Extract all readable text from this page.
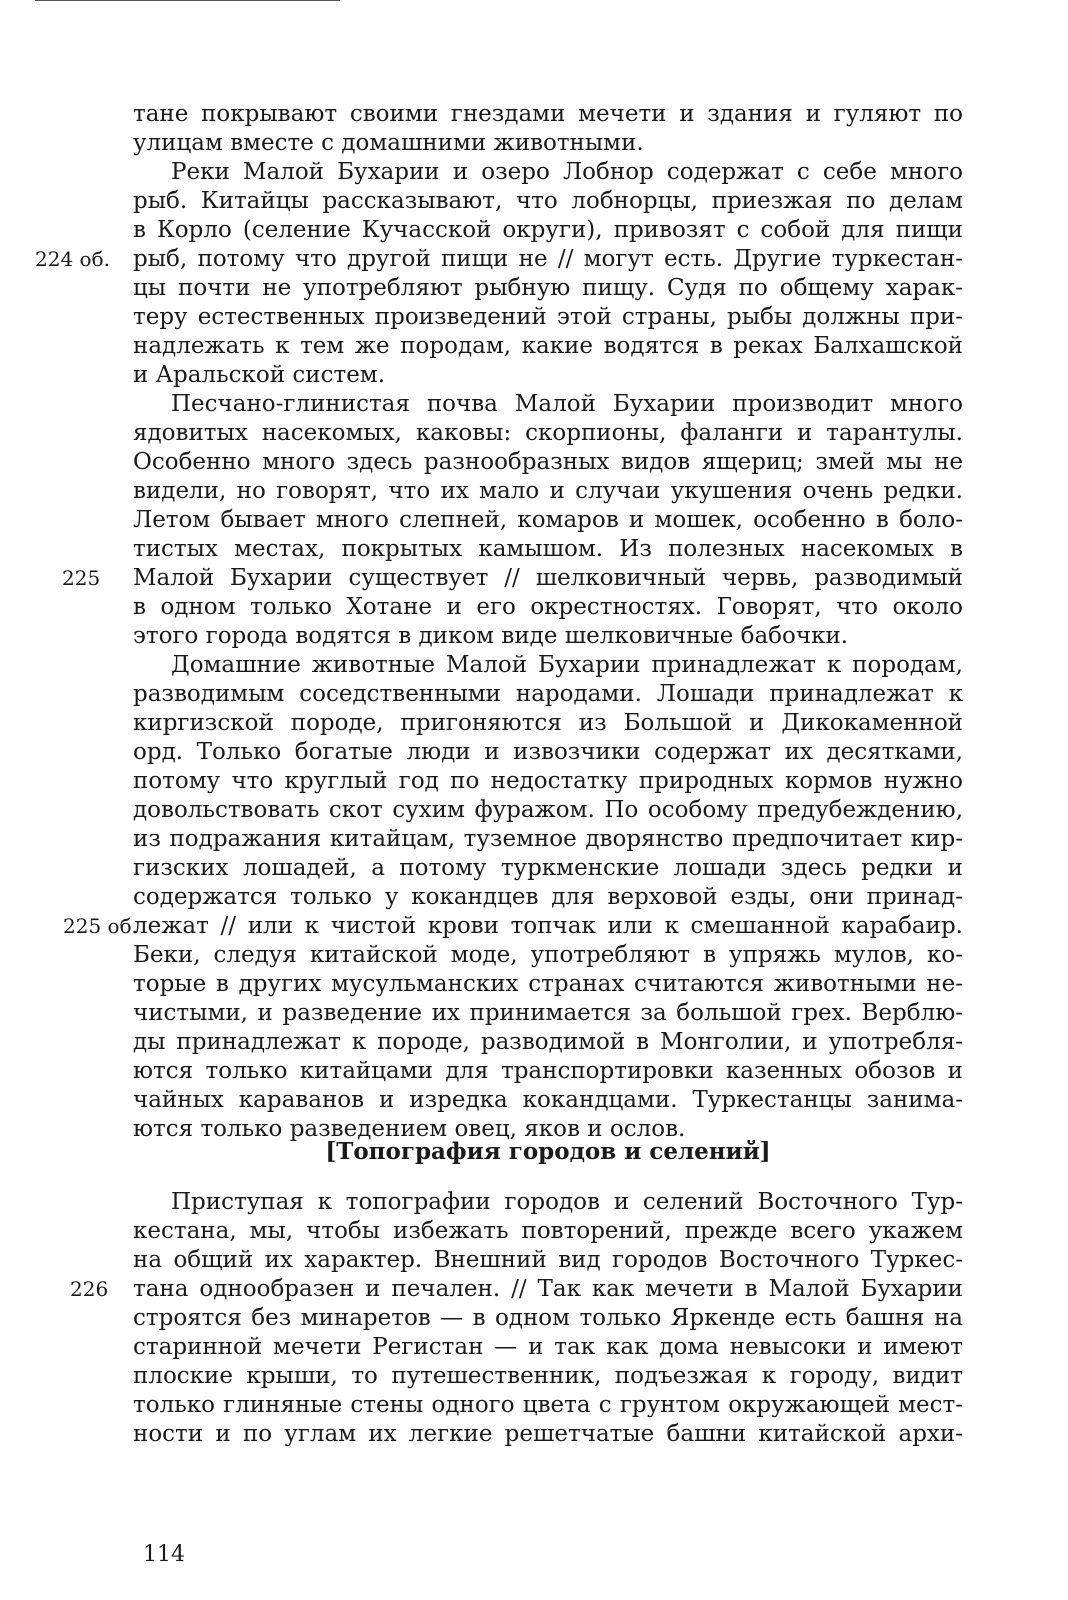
тане покрывают своими гнездами мечети и здания и гуляют по
улицам вместе с домашними животными.
Реки Малой Бухарии и озеро Лобнор содержат с себе много
рыб. Китайцы рассказывают, что лобнорцы, приезжая по делам
в Корло (селение Кучасской округи), привозят с собой для пищи
рыб, потому что другой пищи не // могут есть. Другие туркестан-
цы почти не употребляют рыбную пищу. Судя по общему харак-
теру естественных произведений этой страны, рыбы должны при-
надлежать к тем же породам, какие водятся в реках Балхашской
и Аральской систем.
Песчано-глинистая почва Малой Бухарии производит много
ядовитых насекомых, каковы: скорпионы, фаланги и тарантулы.
Особенно много здесь разнообразных видов ящериц; змей мы не
видели, но говорят, что их мало и случаи укушения очень редки.
Летом бывает много слепней, комаров и мошек, особенно в боло-
тистых местах, покрытых камышом. Из полезных насекомых в
Малой Бухарии существует // шелковичный червь, разводимый
в одном только Хотане и его окрестностях. Говорят, что около
этого города водятся в диком виде шелковичные бабочки.
Домашние животные Малой Бухарии принадлежат к породам,
разводимым соседственными народами. Лошади принадлежат к
киргизской породе, пригоняются из Большой и Дикокаменной
орд. Только богатые люди и извозчики содержат их десятками,
потому что круглый год по недостатку природных кормов нужно
довольствовать скот сухим фуражом. По особому предубеждению,
из подражания китайцам, туземное дворянство предпочитает кир-
гизских лошадей, а потому туркменские лошади здесь редки и
содержатся только у кокандцев для верховой езды, они принад-
лежат // или к чистой крови топчак или к смешанной карабаир.
Беки, следуя китайской моде, употребляют в упряжь мулов, ко-
торые в других мусульманских странах считаются животными не-
чистыми, и разведение их принимается за большой грех. Верблю-
ды принадлежат к породе, разводимой в Монголии, и употребля-
ются только китайцами для транспортировки казенных обозов и
чайных караванов и изредка кокандцами. Туркестанцы занима-
ются только разведением овец, яков и ослов.
[Топография городов и селений]
Приступая к топографии городов и селений Восточного Тур-
кестана, мы, чтобы избежать повторений, прежде всего укажем
на общий их характер. Внешний вид городов Восточного Туркес-
тана однообразен и печален. // Так как мечети в Малой Бухарии
строятся без минаретов — в одном только Яркенде есть башня на
старинной мечети Регистан — и так как дома невысоки и имеют
плоские крыши, то путешественник, подъезжая к городу, видит
только глиняные стены одного цвета с грунтом окружающей мест-
ности и по углам их легкие решетчатые башни китайской архи-
224 об.
225
225 об.
226
114
